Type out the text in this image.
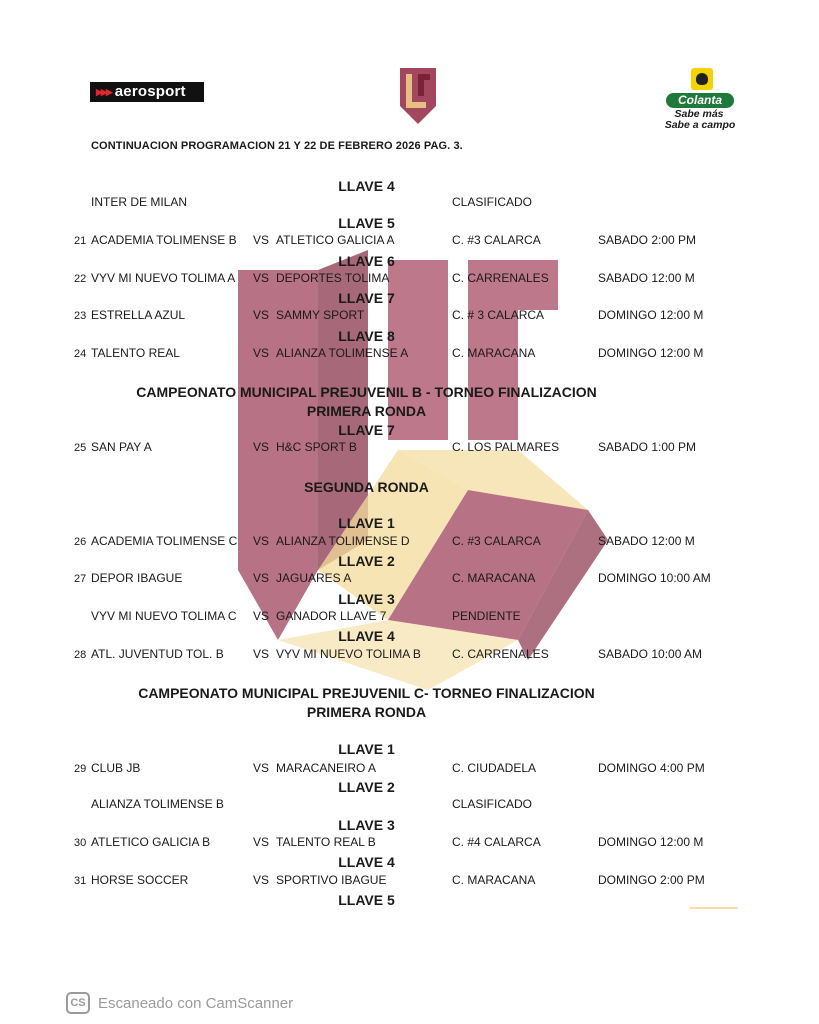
▶▶▶ aerosport	Colanta
Sabe más
Sabe a campo
CONTINUACION PROGRAMACION 21 Y 22 DE FEBRERO 2026 PAG. 3.
LLAVE 4
INTER DE MILAN	CLASIFICADO
LLAVE 5
21 ACADEMIA TOLIMENSE B VS ATLETICO GALICIA A	C. #3 CALARCA	SABADO 2:00 PM
LLAVE 6
22 VYV MI NUEVO TOLIMA A VS DEPORTES TOLIMA	C. CARRENALES	SABADO 12:00 M
LLAVE 7
23 ESTRELLA AZUL	VS SAMMY SPORT	C. # 3 CALARCA	DOMINGO 12:00 M
LLAVE 8
24 TALENTO REAL	VS ALIANZA TOLIMENSE A	C. MARACANA	DOMINGO 12:00 M
CAMPEONATO MUNICIPAL PREJUVENIL B - TORNEO FINALIZACION
PRIMERA RONDA
LLAVE 7
25 SAN PAY A	VS H&C SPORT B	C. LOS PALMARES	SABADO 1:00 PM
SEGUNDA RONDA
LLAVE 1
26 ACADEMIA TOLIMENSE C VS ALIANZA TOLIMENSE D	C. #3 CALARCA	SABADO 12:00 M
LLAVE 2
27 DEPOR IBAGUE	VS JAGUARES A	C. MARACANA	DOMINGO 10:00 AM
LLAVE 3
VYV MI NUEVO TOLIMA C VS GANADOR LLAVE 7	PENDIENTE
LLAVE 4
28 ATL. JUVENTUD TOL. B VS VYV MI NUEVO TOLIMA B	C. CARRENALES	SABADO 10:00 AM
CAMPEONATO MUNICIPAL PREJUVENIL C- TORNEO FINALIZACION
PRIMERA RONDA
LLAVE 1
29 CLUB JB	VS MARACANEIRO A	C. CIUDADELA	DOMINGO 4:00 PM
LLAVE 2
ALIANZA TOLIMENSE B	CLASIFICADO
LLAVE 3
30 ATLETICO GALICIA B	VS TALENTO REAL B	C. #4 CALARCA	DOMINGO 12:00 M
LLAVE 4
31 HORSE SOCCER	VS SPORTIVO IBAGUE	C. MARACANA	DOMINGO 2:00 PM
LLAVE 5
CS Escaneado con CamScanner
